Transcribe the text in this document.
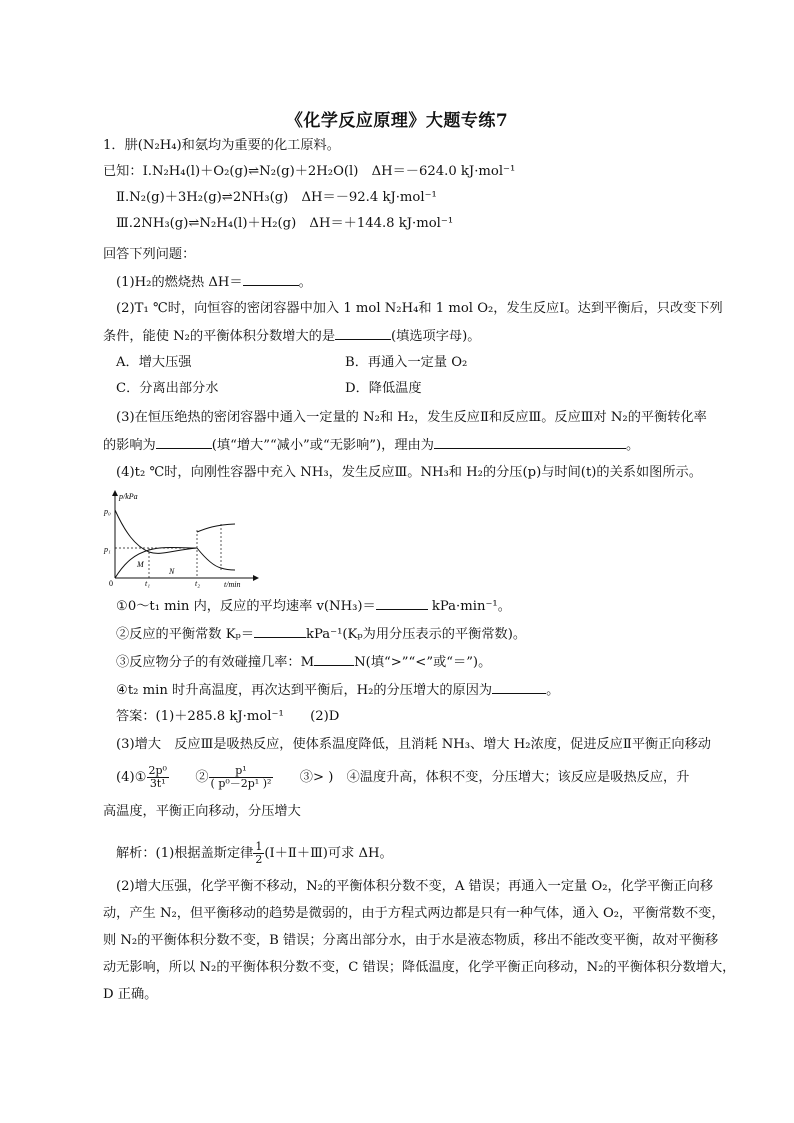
《化学反应原理》大题专练7
1．肼(N₂H₄)和氨均为重要的化工原料。
已知：Ⅰ.N₂H₄(l)＋O₂(g)⇌N₂(g)＋2H₂O(l)　ΔH＝－624.0 kJ·mol⁻¹
Ⅱ.N₂(g)＋3H₂(g)⇌2NH₃(g)　ΔH＝－92.4 kJ·mol⁻¹
Ⅲ.2NH₃(g)⇌N₂H₄(l)＋H₂(g)　ΔH＝＋144.8 kJ·mol⁻¹
回答下列问题：
(1)H₂的燃烧热 ΔH＝	。
(2)T₁ ℃时，向恒容的密闭容器中加入 1 mol N₂H₄和 1 mol O₂，发生反应Ⅰ。达到平衡后，只改变下列
条件，能使 N₂的平衡体积分数增大的是	(填选项字母)。
A．增大压强	B．再通入一定量 O₂
C．分离出部分水	D．降低温度
(3)在恒压绝热的密闭容器中通入一定量的 N₂和 H₂，发生反应Ⅱ和反应Ⅲ。反应Ⅲ对 N₂的平衡转化率
的影响为	(填“增大”“减小”或“无影响”)，理由为	。
(4)t₂ ℃时，向刚性容器中充入 NH₃，发生反应Ⅲ。NH₃和 H₂的分压(p)与时间(t)的关系如图所示。
p/kPa
t/min
0
p₀
p₁
t₁	t₂
M
N
①0～t₁ min 内，反应的平均速率 v(NH₃)＝	kPa·min⁻¹。
②反应的平衡常数 Kₚ＝	kPa⁻¹(Kₚ为用分压表示的平衡常数)。
③反应物分子的有效碰撞几率：M	N(填“>”“<”或“＝”)。
④t₂ min 时升高温度，再次达到平衡后，H₂的分压增大的原因为	。
答案：(1)＋285.8 kJ·mol⁻¹　　(2)D
(3)增大　反应Ⅲ是吸热反应，使体系温度降低，且消耗 NH₃、增大 H₂浓度，促进反应Ⅱ平衡正向移动
(4)① $\frac{\text{2p⁰}}{\text{3t¹}}$
　　 ② $\frac{\text{p¹}}{\text{( p⁰－2p¹ )²}}$
　　 ③> )　 ④温度升高，体积不变，分压增大；该反应是吸热反应，升
高温度，平衡正向移动，分压增大
解析：(1)根据盖斯定律 $\frac{1}{2}$ (Ⅰ＋Ⅱ＋Ⅲ)可求 ΔH。
(2)增大压强，化学平衡不移动，N₂的平衡体积分数不变，A 错误；再通入一定量 O₂，化学平衡正向移
动，产生 N₂，但平衡移动的趋势是微弱的，由于方程式两边都是只有一种气体，通入 O₂，平衡常数不变，
则 N₂的平衡体积分数不变，B 错误；分离出部分水，由于水是液态物质，移出不能改变平衡，故对平衡移
动无影响，所以 N₂的平衡体积分数不变，C 错误；降低温度，化学平衡正向移动，N₂的平衡体积分数增大，
D 正确。
